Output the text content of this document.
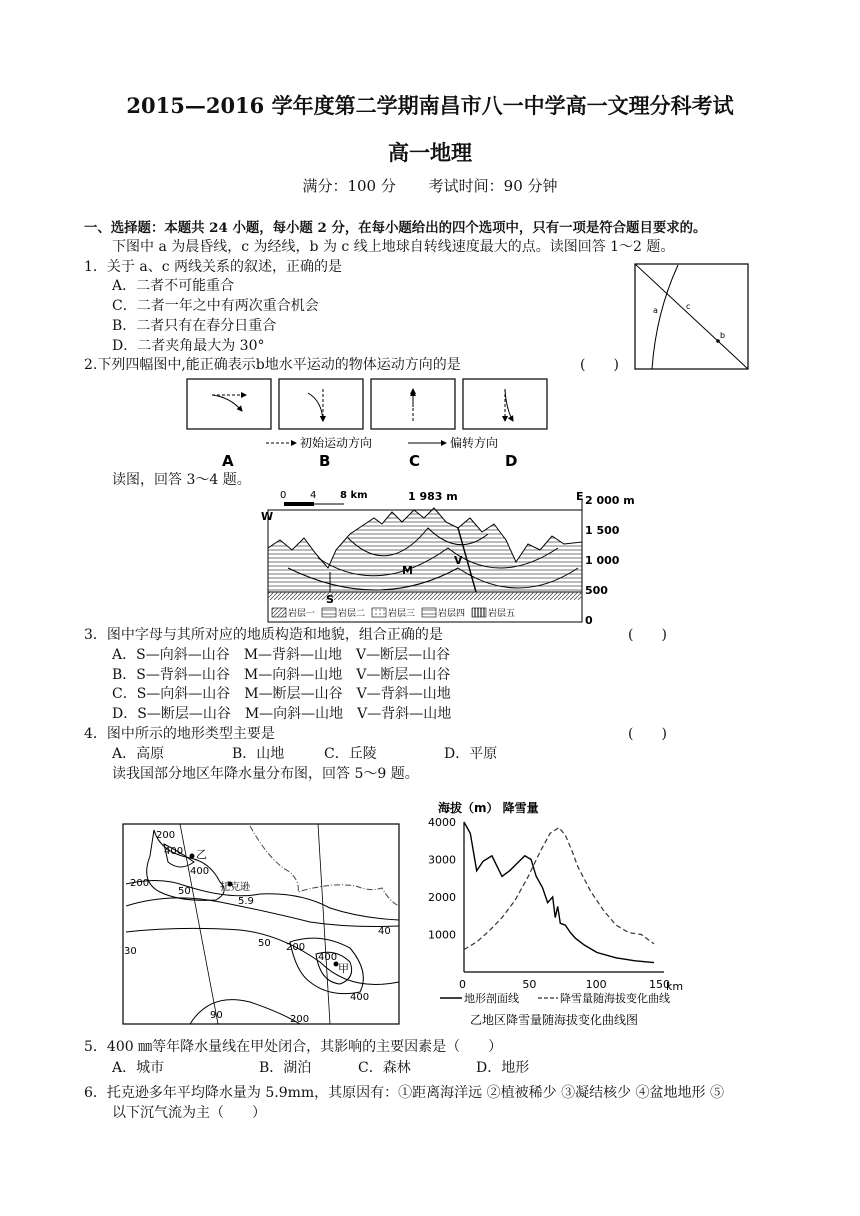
2015—2016 学年度第二学期南昌市八一中学高一文理分科考试
高一地理
满分：100 分 考试时间：90 分钟
一、选择题：本题共 24 小题，每小题 2 分，在每小题给出的四个选项中，只有一项是符合题目要求的。
下图中 a 为晨昏线，c 为经线，b 为 c 线上地球自转线速度最大的点。读图回答 1～2 题。
1．关于 a、c 两线关系的叙述，正确的是
A．二者不可能重合
C．二者一年之中有两次重合机会
B．二者只有在春分日重合
D．二者夹角最大为 30°
a	c
b
2.下列四幅图中,能正确表示b地水平运动的物体运动方向的是	(　　)
初始运动方向	偏转方向
A	B	C	D
读图，回答 3～4 题。
0 4 8 km	1 983 m
W
E 2 000 m
1 500
1 000
500
0
M
V
S
岩层一	岩层二	岩层三	岩层四	岩层五
3．图中字母与其所对应的地质构造和地貌，组合正确的是	(　　)
A．S—向斜—山谷　M—背斜—山地　V—断层—山谷
B．S—背斜—山谷　M—向斜—山地　V—断层—山谷
C．S—向斜—山谷　M—断层—山谷　V—背斜—山地
D．S—断层—山谷　M—向斜—山地　V—背斜—山地
4．图中所示的地形类型主要是	(　　)
A．高原	B．山地	C．丘陵	D．平原
读我国部分地区年降水量分布图，回答 5～9 题。
200
400 乙
400
200
50	托克逊
5.9
40
50 200
400
甲
400
30
90	200
海拔（m） 降雪量
4000
3000
2000
1000
0	50	100	150
km
地形剖面线	降雪量随海拔变化曲线
乙地区降雪量随海拔变化曲线图
5．400 ㎜等年降水量线在甲处闭合，其影响的主要因素是（　　）
A．城市	B．湖泊	C．森林	D．地形
6．托克逊多年平均降水量为 5.9mm，其原因有：①距离海洋远 ②植被稀少 ③凝结核少 ④盆地地形 ⑤
以下沉气流为主（　　）
